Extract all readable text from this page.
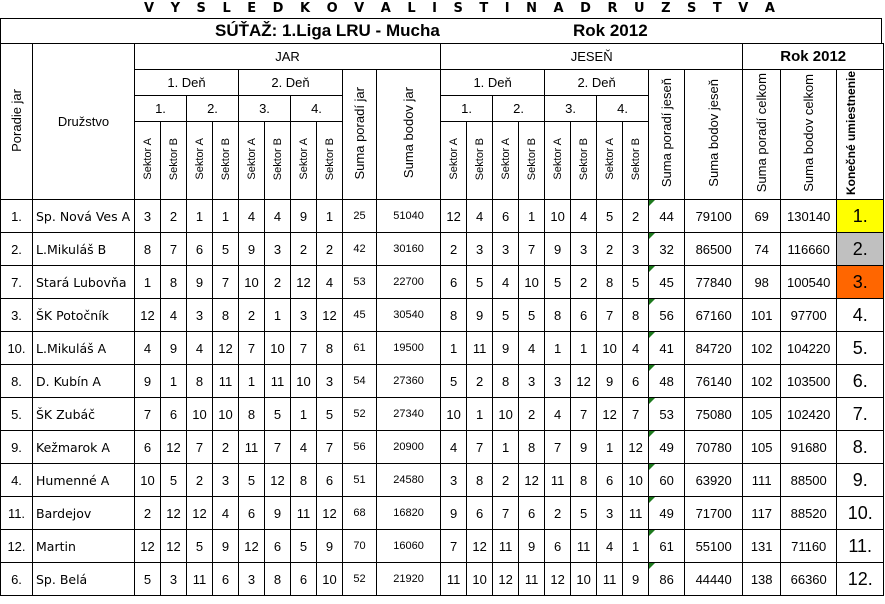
V Y S L E D K O V A L I S T I N A D R U Z S T V A
SÚŤAŽ: 1.Liga LRU - Mucha	Rok 2012
Poradie jar	Družstvo	JAR										JESEŇ										Rok 2012		
		1. Deň				2. Deň				Suma poradí jar	Suma bodov jar	1. Deň				2. Deň				Suma poradí jeseň	Suma bodov jeseň	Suma poradí celkom	Suma bodov celkom	Konečné umiestnenie
		1.		2.		3.		4.				1.		2.		3.		4.						
		Sektor A	Sektor B	Sektor A	Sektor B	Sektor A	Sektor B	Sektor A	Sektor B			Sektor A	Sektor B	Sektor A	Sektor B	Sektor A	Sektor B	Sektor A	Sektor B					
1.	Sp. Nová Ves A	3	2	1	1	4	4	9	1	25	51040	12	4	6	1	10	4	5	2	44	79100	69	130140	1.
2.	L.Mikuláš B	8	7	6	5	9	3	2	2	42	30160	2	3	3	7	9	3	2	3	32	86500	74	116660	2.
7.	Stará Lubovňa	1	8	9	7	10	2	12	4	53	22700	6	5	4	10	5	2	8	5	45	77840	98	100540	3.
3.	ŠK Potočník	12	4	3	8	2	1	3	12	45	30540	8	9	5	5	8	6	7	8	56	67160	101	97700	4.
10.	L.Mikuláš A	4	9	4	12	7	10	7	8	61	19500	1	11	9	4	1	1	10	4	41	84720	102	104220	5.
8.	D. Kubín A	9	1	8	11	1	11	10	3	54	27360	5	2	8	3	3	12	9	6	48	76140	102	103500	6.
5.	ŠK Zubáč	7	6	10	10	8	5	1	5	52	27340	10	1	10	2	4	7	12	7	53	75080	105	102420	7.
9.	Kežmarok A	6	12	7	2	11	7	4	7	56	20900	4	7	1	8	7	9	1	12	49	70780	105	91680	8.
4.	Humenné A	10	5	2	3	5	12	8	6	51	24580	3	8	2	12	11	8	6	10	60	63920	111	88500	9.
11.	Bardejov	2	12	12	4	6	9	11	12	68	16820	9	6	7	6	2	5	3	11	49	71700	117	88520	10.
12.	Martin	12	12	5	9	12	6	5	9	70	16060	7	12	11	9	6	11	4	1	61	55100	131	71160	11.
6.	Sp. Belá	5	3	11	6	3	8	6	10	52	21920	11	10	12	11	12	10	11	9	86	44440	138	66360	12.
